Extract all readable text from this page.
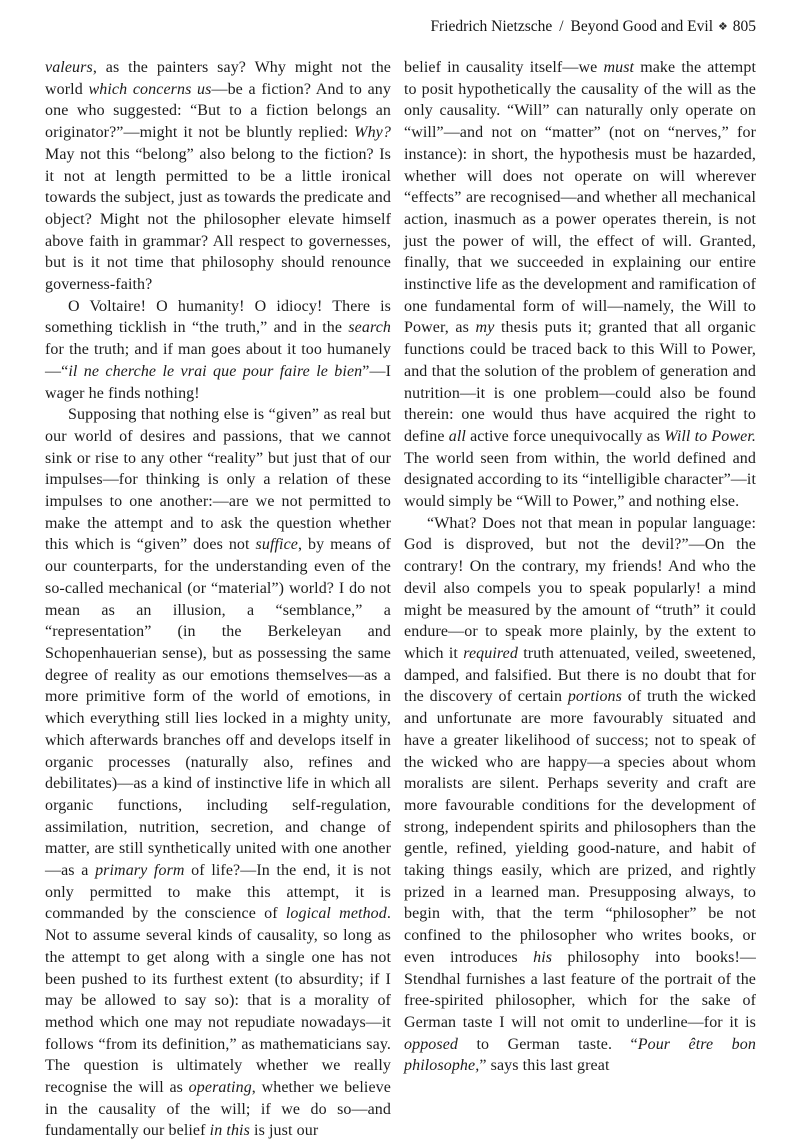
Friedrich Nietzsche / Beyond Good and Evil ❖ 805

valeurs, as the painters say? Why might not the world which concerns us—be a fiction? And to any one who suggested: “But to a fiction belongs an originator?”—might it not be bluntly replied: Why? May not this “belong” also belong to the fiction? Is it not at length permitted to be a little ironical towards the subject, just as towards the predicate and object? Might not the philosopher elevate himself above faith in grammar? All respect to governesses, but is it not time that philosophy should renounce governess-faith?

O Voltaire! O humanity! O idiocy! There is something ticklish in “the truth,” and in the search for the truth; and if man goes about it too humanely—“il ne cherche le vrai que pour faire le bien”—I wager he finds nothing!

Supposing that nothing else is “given” as real but our world of desires and passions, that we cannot sink or rise to any other “reality” but just that of our impulses—for thinking is only a relation of these impulses to one another:—are we not permitted to make the attempt and to ask the question whether this which is “given” does not suffice, by means of our counterparts, for the understanding even of the so-called mechanical (or “material”) world? I do not mean as an illusion, a “semblance,” a “representation” (in the Berkeleyan and Schopenhauerian sense), but as possessing the same degree of reality as our emotions themselves—as a more primitive form of the world of emotions, in which everything still lies locked in a mighty unity, which afterwards branches off and develops itself in organic processes (naturally also, refines and debilitates)—as a kind of instinctive life in which all organic functions, including self-regulation, assimilation, nutrition, secretion, and change of matter, are still synthetically united with one another—as a primary form of life?—In the end, it is not only permitted to make this attempt, it is commanded by the conscience of logical method. Not to assume several kinds of causality, so long as the attempt to get along with a single one has not been pushed to its furthest extent (to absurdity; if I may be allowed to say so): that is a morality of method which one may not repudiate nowadays—it follows “from its definition,” as mathematicians say. The question is ultimately whether we really recognise the will as operating, whether we believe in the causality of the will; if we do so—and fundamentally our belief in this is just our

belief in causality itself—we must make the attempt to posit hypothetically the causality of the will as the only causality. “Will” can naturally only operate on “will”—and not on “matter” (not on “nerves,” for instance): in short, the hypothesis must be hazarded, whether will does not operate on will wherever “effects” are recognised—and whether all mechanical action, inasmuch as a power operates therein, is not just the power of will, the effect of will. Granted, finally, that we succeeded in explaining our entire instinctive life as the development and ramification of one fundamental form of will—namely, the Will to Power, as my thesis puts it; granted that all organic functions could be traced back to this Will to Power, and that the solution of the problem of generation and nutrition—it is one problem—could also be found therein: one would thus have acquired the right to define all active force unequivocally as Will to Power. The world seen from within, the world defined and designated according to its “intelligible character”—it would simply be “Will to Power,” and nothing else.

“What? Does not that mean in popular language: God is disproved, but not the devil?”—On the contrary! On the contrary, my friends! And who the devil also compels you to speak popularly! a mind might be measured by the amount of “truth” it could endure—or to speak more plainly, by the extent to which it required truth attenuated, veiled, sweetened, damped, and falsified. But there is no doubt that for the discovery of certain portions of truth the wicked and unfortunate are more favourably situated and have a greater likelihood of success; not to speak of the wicked who are happy—a species about whom moralists are silent. Perhaps severity and craft are more favourable conditions for the development of strong, independent spirits and philosophers than the gentle, refined, yielding good-nature, and habit of taking things easily, which are prized, and rightly prized in a learned man. Presupposing always, to begin with, that the term “philosopher” be not confined to the philosopher who writes books, or even introduces his philosophy into books!—Stendhal furnishes a last feature of the portrait of the free-spirited philosopher, which for the sake of German taste I will not omit to underline—for it is opposed to German taste. “Pour être bon philosophe,” says this last great
